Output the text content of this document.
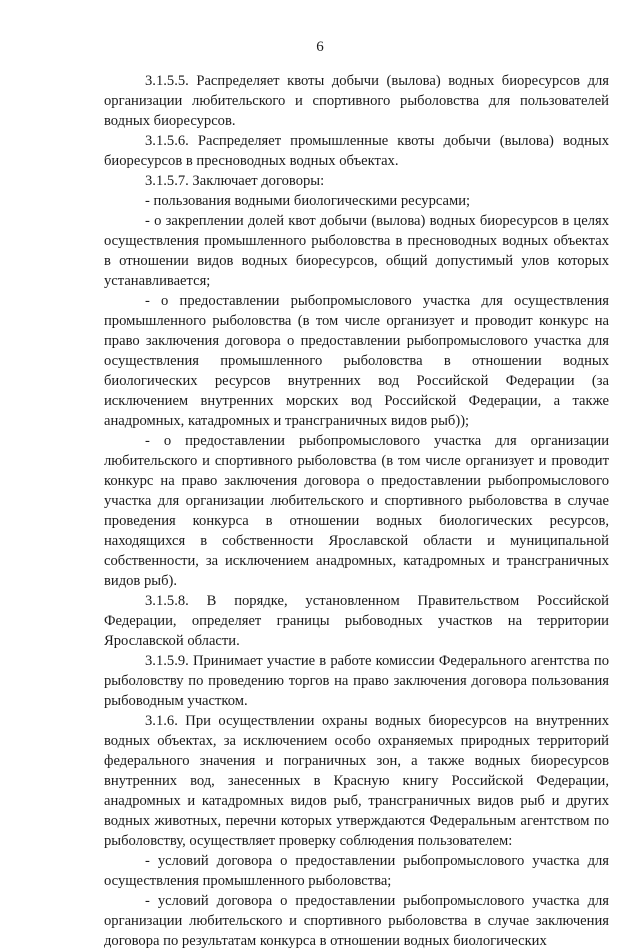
6

3.1.5.5. Распределяет квоты добычи (вылова) водных биоресурсов для организации любительского и спортивного рыболовства для пользователей водных биоресурсов.

3.1.5.6. Распределяет промышленные квоты добычи (вылова) водных биоресурсов в пресноводных водных объектах.

3.1.5.7. Заключает договоры:

- пользования водными биологическими ресурсами;

- о закреплении долей квот добычи (вылова) водных биоресурсов в целях осуществления промышленного рыболовства в пресноводных водных объектах в отношении видов водных биоресурсов, общий допустимый улов которых устанавливается;

- о предоставлении рыбопромыслового участка для осуществления промышленного рыболовства (в том числе организует и проводит конкурс на право заключения договора о предоставлении рыбопромыслового участка для осуществления промышленного рыболовства в отношении водных биологических ресурсов внутренних вод Российской Федерации (за исключением внутренних морских вод Российской Федерации, а также анадромных, катадромных и трансграничных видов рыб));

- о предоставлении рыбопромыслового участка для организации любительского и спортивного рыболовства (в том числе организует и проводит конкурс на право заключения договора о предоставлении рыбопромыслового участка для организации любительского и спортивного рыболовства в случае проведения конкурса в отношении водных биологических ресурсов, находящихся в собственности Ярославской области и муниципальной собственности, за исключением анадромных, катадромных и трансграничных видов рыб).

3.1.5.8. В порядке, установленном Правительством Российской Федерации, определяет границы рыбоводных участков на территории Ярославской области.

3.1.5.9. Принимает участие в работе комиссии Федерального агентства по рыболовству по проведению торгов на право заключения договора пользования рыбоводным участком.

3.1.6. При осуществлении охраны водных биоресурсов на внутренних водных объектах, за исключением особо охраняемых природных территорий федерального значения и пограничных зон, а также водных биоресурсов внутренних вод, занесенных в Красную книгу Российской Федерации, анадромных и катадромных видов рыб, трансграничных видов рыб и других водных животных, перечни которых утверждаются Федеральным агентством по рыболовству, осуществляет проверку соблюдения пользователем:

- условий договора о предоставлении рыбопромыслового участка для осуществления промышленного рыболовства;

- условий договора о предоставлении рыбопромыслового участка для организации любительского и спортивного рыболовства в случае заключения договора по результатам конкурса в отношении водных биологических
